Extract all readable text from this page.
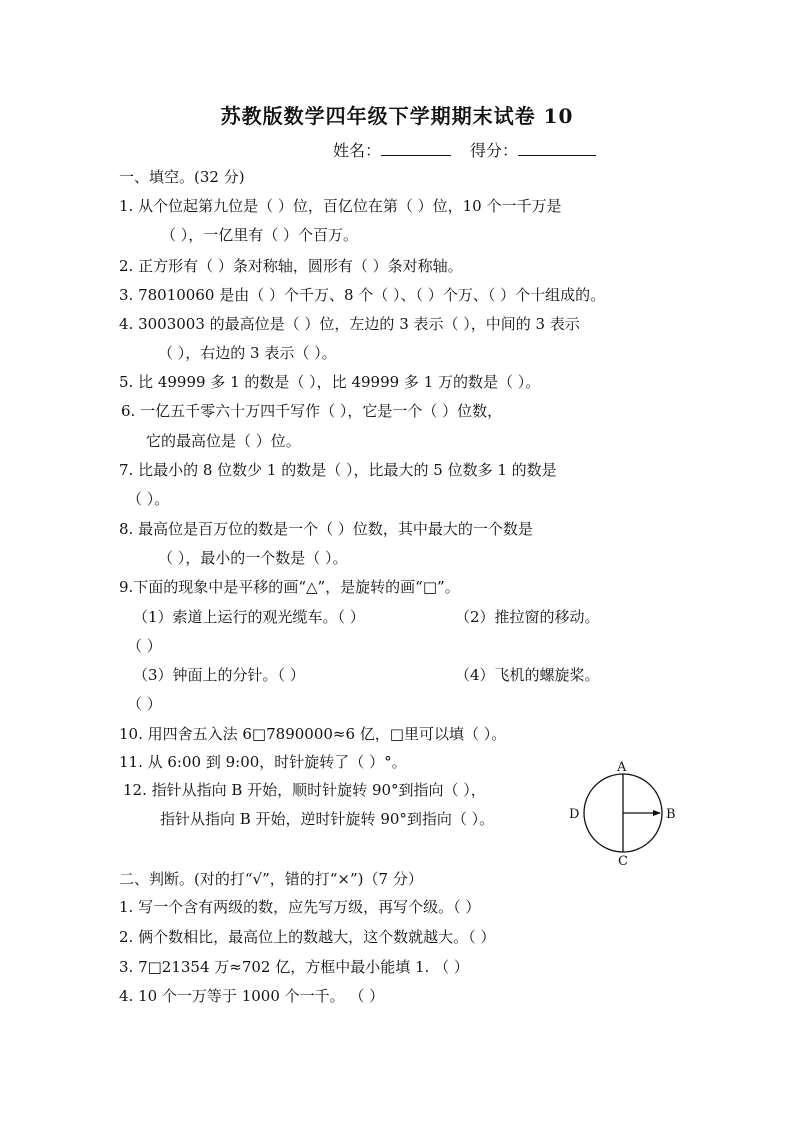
苏教版数学四年级下学期期末试卷 10
姓名：	得分：
一、填空。(32 分)
1. 从个位起第九位是（ ）位，百亿位在第（ ）位，10 个一千万是
（ ），一亿里有（ ）个百万。
2. 正方形有（ ）条对称轴，圆形有（ ）条对称轴。
3. 78010060 是由（ ）个千万、8 个（ ）、（ ）个万、（ ）个十组成的。
4. 3003003 的最高位是（ ）位，左边的 3 表示（ ），中间的 3 表示
（ ），右边的 3 表示（ ）。
5. 比 49999 多 1 的数是（ ），比 49999 多 1 万的数是（ ）。
6. 一亿五千零六十万四千写作（ ），它是一个（ ）位数，
它的最高位是（ ）位。
7. 比最小的 8 位数少 1 的数是（ ），比最大的 5 位数多 1 的数是
（ ）。
8. 最高位是百万位的数是一个（ ）位数，其中最大的一个数是
（ ），最小的一个数是（ ）。
9.下面的现象中是平移的画“△”，是旋转的画“□”。
（1）索道上运行的观光缆车。（ ）	（2）推拉窗的移动。
（ ）
（3）钟面上的分针。（ ）	（4）飞机的螺旋桨。
（ ）
10. 用四舍五入法 6□7890000≈6 亿，□里可以填（ ）。
11. 从 6:00 到 9:00，时针旋转了（ ）°。
12. 指针从指向 B 开始，顺时针旋转 90°到指向（ ），
指针从指向 B 开始，逆时针旋转 90°到指向（ ）。
A
B
C
D
二、判断。(对的打“√”，错的打“×”)（7 分）
1. 写一个含有两级的数，应先写万级，再写个级。（ ）
2. 俩个数相比，最高位上的数越大，这个数就越大。（ ）
3. 7□21354 万≈702 亿，方框中最小能填 1. （ ）
4. 10 个一万等于 1000 个一千。 （ ）
